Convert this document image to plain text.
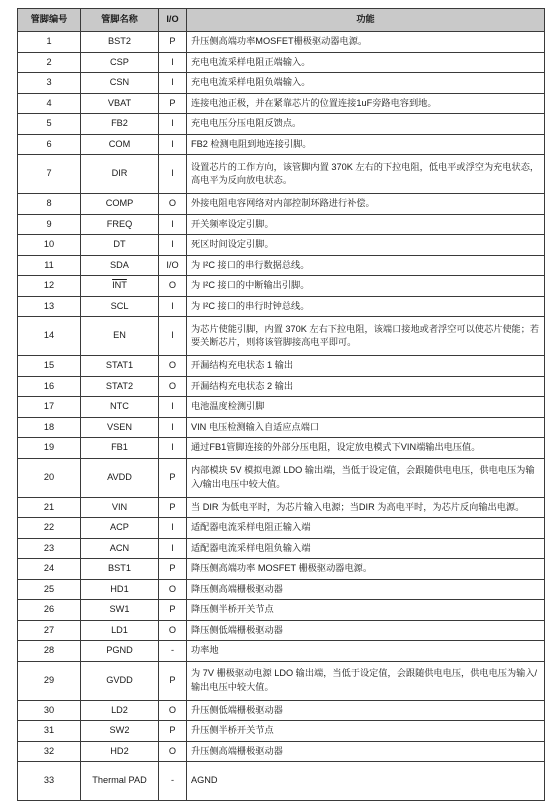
管脚编号	管脚名称	I/O	功能
1	BST2	P	升压侧高端功率MOSFET栅极驱动器电源。
2	CSP	I	充电电流采样电阻正端输入。
3	CSN	I	充电电流采样电阻负端输入。
4	VBAT	P	连接电池正极，并在紧靠芯片的位置连接1uF旁路电容到地。
5	FB2	I	充电电压分压电阻反馈点。
6	COM	I	FB2 检测电阻到地连接引脚。
7	DIR	I	设置芯片的工作方向，该管脚内置 370K 左右的下拉电阻，低电平或浮空为充电状态，高电平为反向放电状态。
8	COMP	O	外接电阻电容网络对内部控制环路进行补偿。
9	FREQ	I	开关频率设定引脚。
10	DT	I	死区时间设定引脚。
11	SDA	I/O	为 I²C 接口的串行数据总线。
12	$\overline{INT}$	O	为 I²C 接口的中断输出引脚。
13	SCL	I	为 I²C 接口的串行时钟总线。
14	EN	I	为芯片使能引脚，内置 370K 左右下拉电阻，该端口接地或者浮空可以使芯片使能；若要关断芯片，则将该管脚接高电平即可。
15	STAT1	O	开漏结构充电状态 1 输出
16	STAT2	O	开漏结构充电状态 2 输出
17	NTC	I	电池温度检测引脚
18	VSEN	I	VIN 电压检测输入自适应点端口
19	FB1	I	通过FB1管脚连接的外部分压电阻，设定放电模式下VIN端输出电压值。
20	AVDD	P	内部模块 5V 模拟电源 LDO 输出端，当低于设定值，会跟随供电电压，供电电压为输入/输出电压中较大值。
21	VIN	P	当 DIR 为低电平时，为芯片输入电源；当DIR 为高电平时，为芯片反向输出电源。
22	ACP	I	适配器电流采样电阻正输入端
23	ACN	I	适配器电流采样电阻负输入端
24	BST1	P	降压侧高端功率 MOSFET 栅极驱动器电源。
25	HD1	O	降压侧高端栅极驱动器
26	SW1	P	降压侧半桥开关节点
27	LD1	O	降压侧低端栅极驱动器
28	PGND	-	功率地
29	GVDD	P	为 7V 栅极驱动电源 LDO 输出端，当低于设定值，会跟随供电电压，供电电压为输入/输出电压中较大值。
30	LD2	O	升压侧低端栅极驱动器
31	SW2	P	升压侧半桥开关节点
32	HD2	O	升压侧高端栅极驱动器
33	Thermal PAD	-	AGND
